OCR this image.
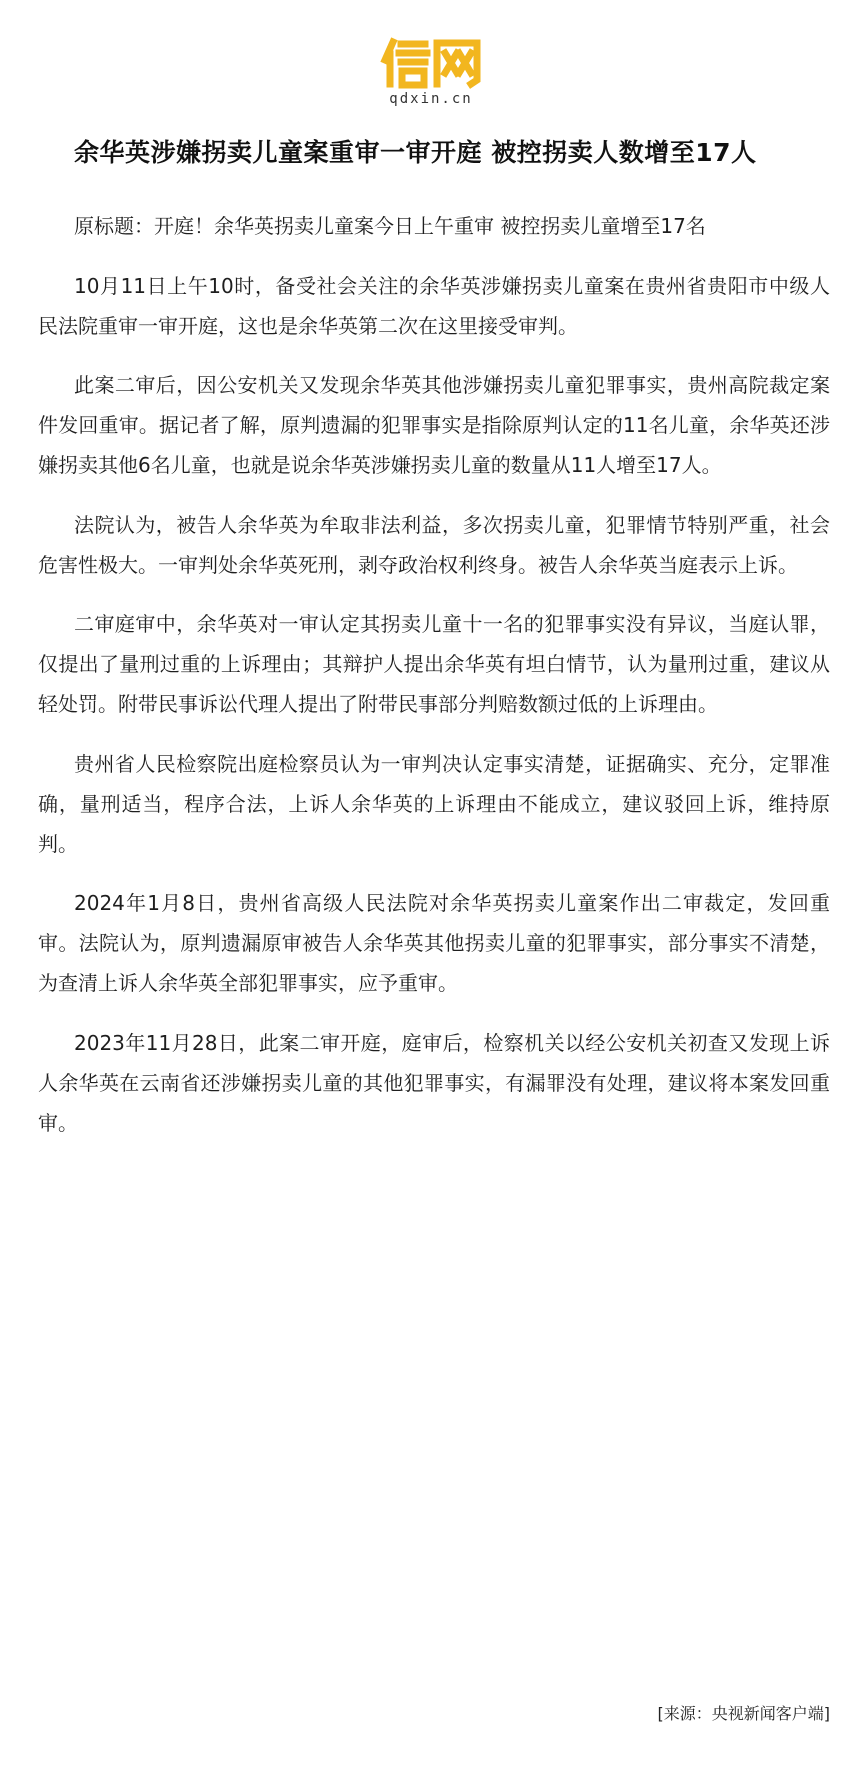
qdxin.cn
余华英涉嫌拐卖儿童案重审一审开庭 被控拐卖人数增至17人

原标题：开庭！余华英拐卖儿童案今日上午重审 被控拐卖儿童增至17名

10月11日上午10时，备受社会关注的余华英涉嫌拐卖儿童案在贵州省贵阳市中级人民法院重审一审开庭，这也是余华英第二次在这里接受审判。

此案二审后，因公安机关又发现余华英其他涉嫌拐卖儿童犯罪事实，贵州高院裁定案件发回重审。据记者了解，原判遗漏的犯罪事实是指除原判认定的11名儿童，余华英还涉嫌拐卖其他6名儿童，也就是说余华英涉嫌拐卖儿童的数量从11人增至17人。

法院认为，被告人余华英为牟取非法利益，多次拐卖儿童，犯罪情节特别严重，社会危害性极大。一审判处余华英死刑，剥夺政治权利终身。被告人余华英当庭表示上诉。

二审庭审中，余华英对一审认定其拐卖儿童十一名的犯罪事实没有异议，当庭认罪，仅提出了量刑过重的上诉理由；其辩护人提出余华英有坦白情节，认为量刑过重，建议从轻处罚。附带民事诉讼代理人提出了附带民事部分判赔数额过低的上诉理由。

贵州省人民检察院出庭检察员认为一审判决认定事实清楚，证据确实、充分，定罪准确，量刑适当，程序合法，上诉人余华英的上诉理由不能成立，建议驳回上诉，维持原判。

2024年1月8日，贵州省高级人民法院对余华英拐卖儿童案作出二审裁定，发回重审。法院认为，原判遗漏原审被告人余华英其他拐卖儿童的犯罪事实，部分事实不清楚，为查清上诉人余华英全部犯罪事实，应予重审。

2023年11月28日，此案二审开庭，庭审后，检察机关以经公安机关初查又发现上诉人余华英在云南省还涉嫌拐卖儿童的其他犯罪事实，有漏罪没有处理，建议将本案发回重审。

[来源：央视新闻客户端]
